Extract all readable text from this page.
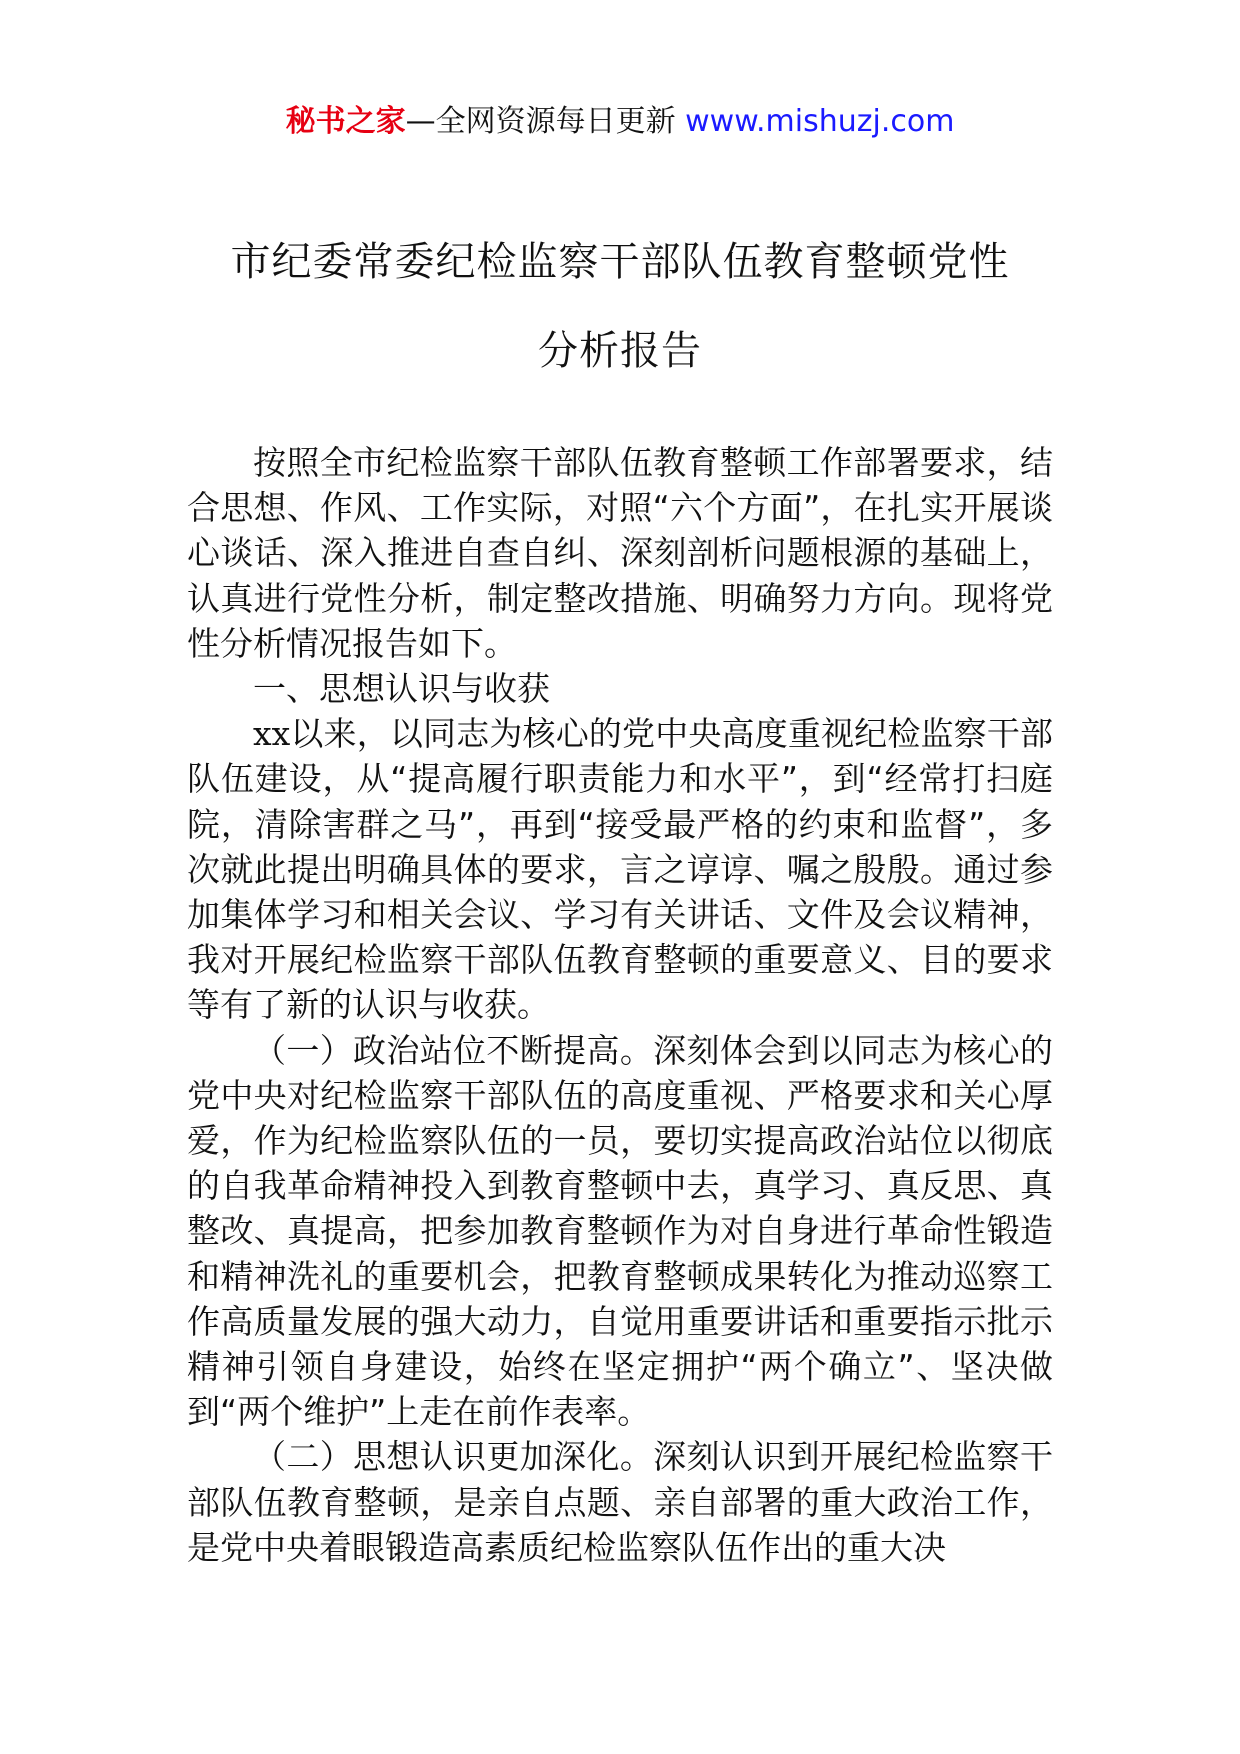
秘书之家—全网资源每日更新 www.mishuzj.com
市纪委常委纪检监察干部队伍教育整顿党性
分析报告

按照全市纪检监察干部队伍教育整顿工作部署要求，结合思想、作风、工作实际，对照“六个方面”，在扎实开展谈心谈话、深入推进自查自纠、深刻剖析问题根源的基础上，认真进行党性分析，制定整改措施、明确努力方向。现将党性分析情况报告如下。

一、思想认识与收获

xx以来，以同志为核心的党中央高度重视纪检监察干部队伍建设，从“提高履行职责能力和水平”，到“经常打扫庭院，清除害群之马”，再到“接受最严格的约束和监督”，多次就此提出明确具体的要求，言之谆谆、嘱之殷殷。通过参加集体学习和相关会议、学习有关讲话、文件及会议精神，我对开展纪检监察干部队伍教育整顿的重要意义、目的要求等有了新的认识与收获。

（一）政治站位不断提高。深刻体会到以同志为核心的党中央对纪检监察干部队伍的高度重视、严格要求和关心厚爱，作为纪检监察队伍的一员，要切实提高政治站位以彻底的自我革命精神投入到教育整顿中去，真学习、真反思、真整改、真提高，把参加教育整顿作为对自身进行革命性锻造和精神洗礼的重要机会，把教育整顿成果转化为推动巡察工作高质量发展的强大动力，自觉用重要讲话和重要指示批示精神引领自身建设，始终在坚定拥护“两个确立”、坚决做到“两个维护”上走在前作表率。

（二）思想认识更加深化。深刻认识到开展纪检监察干部队伍教育整顿，是亲自点题、亲自部署的重大政治工作，是党中央着眼锻造高素质纪检监察队伍作出的重大决
